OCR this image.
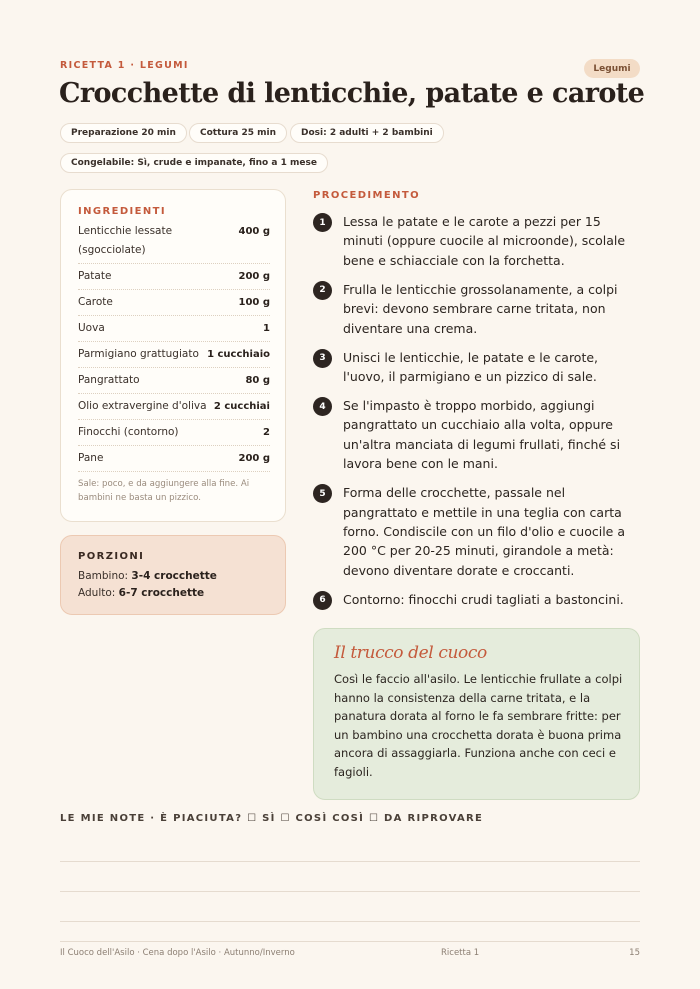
RICETTA 1 · LEGUMI	Legumi
Crocchette di lenticchie, patate e carote
Preparazione 20 min	Cottura 25 min	Dosi: 2 adulti + 2 bambini
Congelabile: Sì, crude e impanate, fino a 1 mese
INGREDIENTI
Lenticchie lessate (sgocciolate)
400 g
Patate	200 g
Carote	100 g
Uova	1
Parmigiano grattugiato 1 cucchiaio
Pangrattato	80 g
Olio extravergine d'oliva 2 cucchiai
Finocchi (contorno)	2
Pane	200 g
Sale: poco, e da aggiungere alla fine. Ai bambini ne basta un pizzico.
PORZIONI
Bambino: 3-4 crocchette
Adulto: 6-7 crocchette
PROCEDIMENTO
1	Lessa le patate e le carote a pezzi per 15 minuti (oppure cuocile al microonde), scolale bene e schiacciale con la forchetta.
2	Frulla le lenticchie grossolanamente, a colpi brevi: devono sembrare carne tritata, non diventare una crema.
3	Unisci le lenticchie, le patate e le carote, l'uovo, il parmigiano e un pizzico di sale.
4	Se l'impasto è troppo morbido, aggiungi pangrattato un cucchiaio alla volta, oppure un'altra manciata di legumi frullati, finché si lavora bene con le mani.
5	Forma delle crocchette, passale nel pangrattato e mettile in una teglia con carta forno. Condiscile con un filo d'olio e cuocile a 200 °C per 20-25 minuti, girandole a metà: devono diventare dorate e croccanti.
6	Contorno: finocchi crudi tagliati a bastoncini.
Il trucco del cuoco
Così le faccio all'asilo. Le lenticchie frullate a colpi hanno la consistenza della carne tritata, e la panatura dorata al forno le fa sembrare fritte: per un bambino una crocchetta dorata è buona prima ancora di assaggiarla. Funziona anche con ceci e fagioli.
LE MIE NOTE · È PIACIUTA? ☐ SÌ ☐ COSÌ COSÌ ☐ DA RIPROVARE
Il Cuoco dell'Asilo · Cena dopo l'Asilo · Autunno/Inverno	Ricetta 1	15
